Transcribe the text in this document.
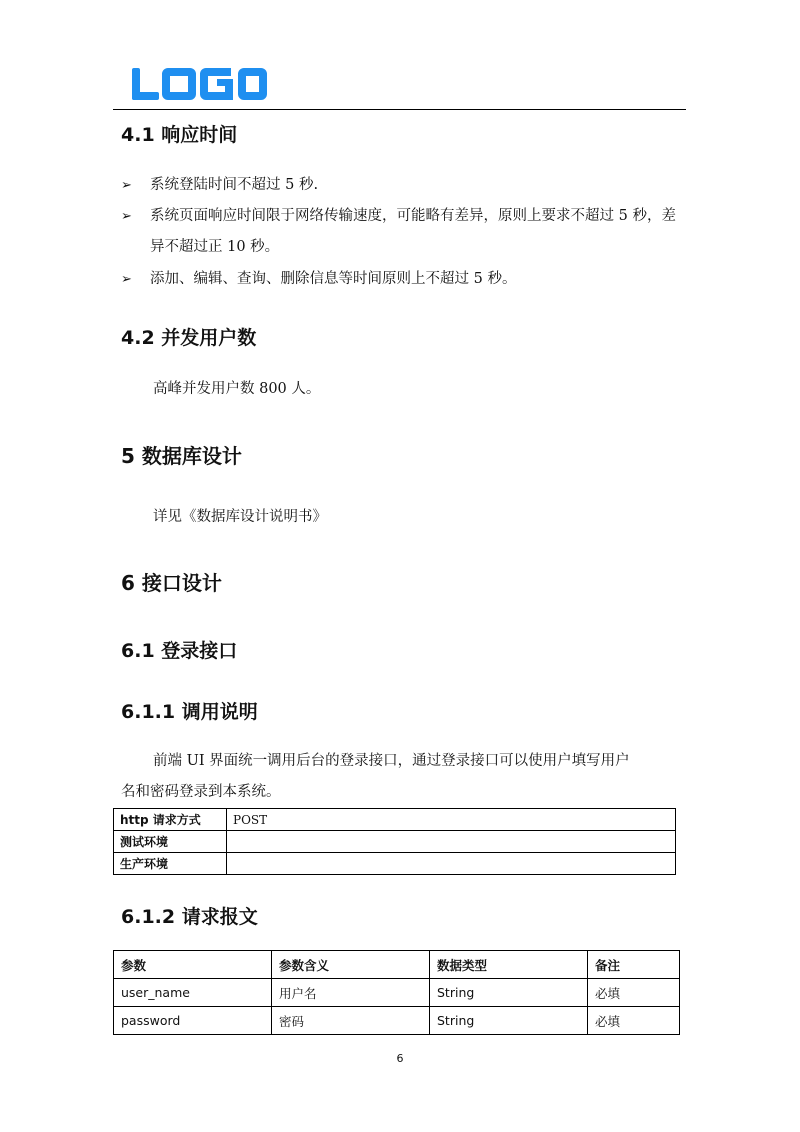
4.1 响应时间
➢	系统登陆时间不超过 5 秒.
➢	系统页面响应时间限于网络传输速度，可能略有差异，原则上要求不超过 5 秒，差异不超过正 10 秒。
➢	添加、编辑、查询、删除信息等时间原则上不超过 5 秒。
4.2 并发用户数
高峰并发用户数 800 人。
5 数据库设计
详见《数据库设计说明书》
6 接口设计
6.1 登录接口
6.1.1 调用说明
前端 UI 界面统一调用后台的登录接口，通过登录接口可以使用户填写用户
名和密码登录到本系统。
http 请求方式	POST
测试环境	
生产环境	
6.1.2 请求报文
参数	参数含义	数据类型	备注
user_name	用户名	String	必填
password	密码	String	必填
6
